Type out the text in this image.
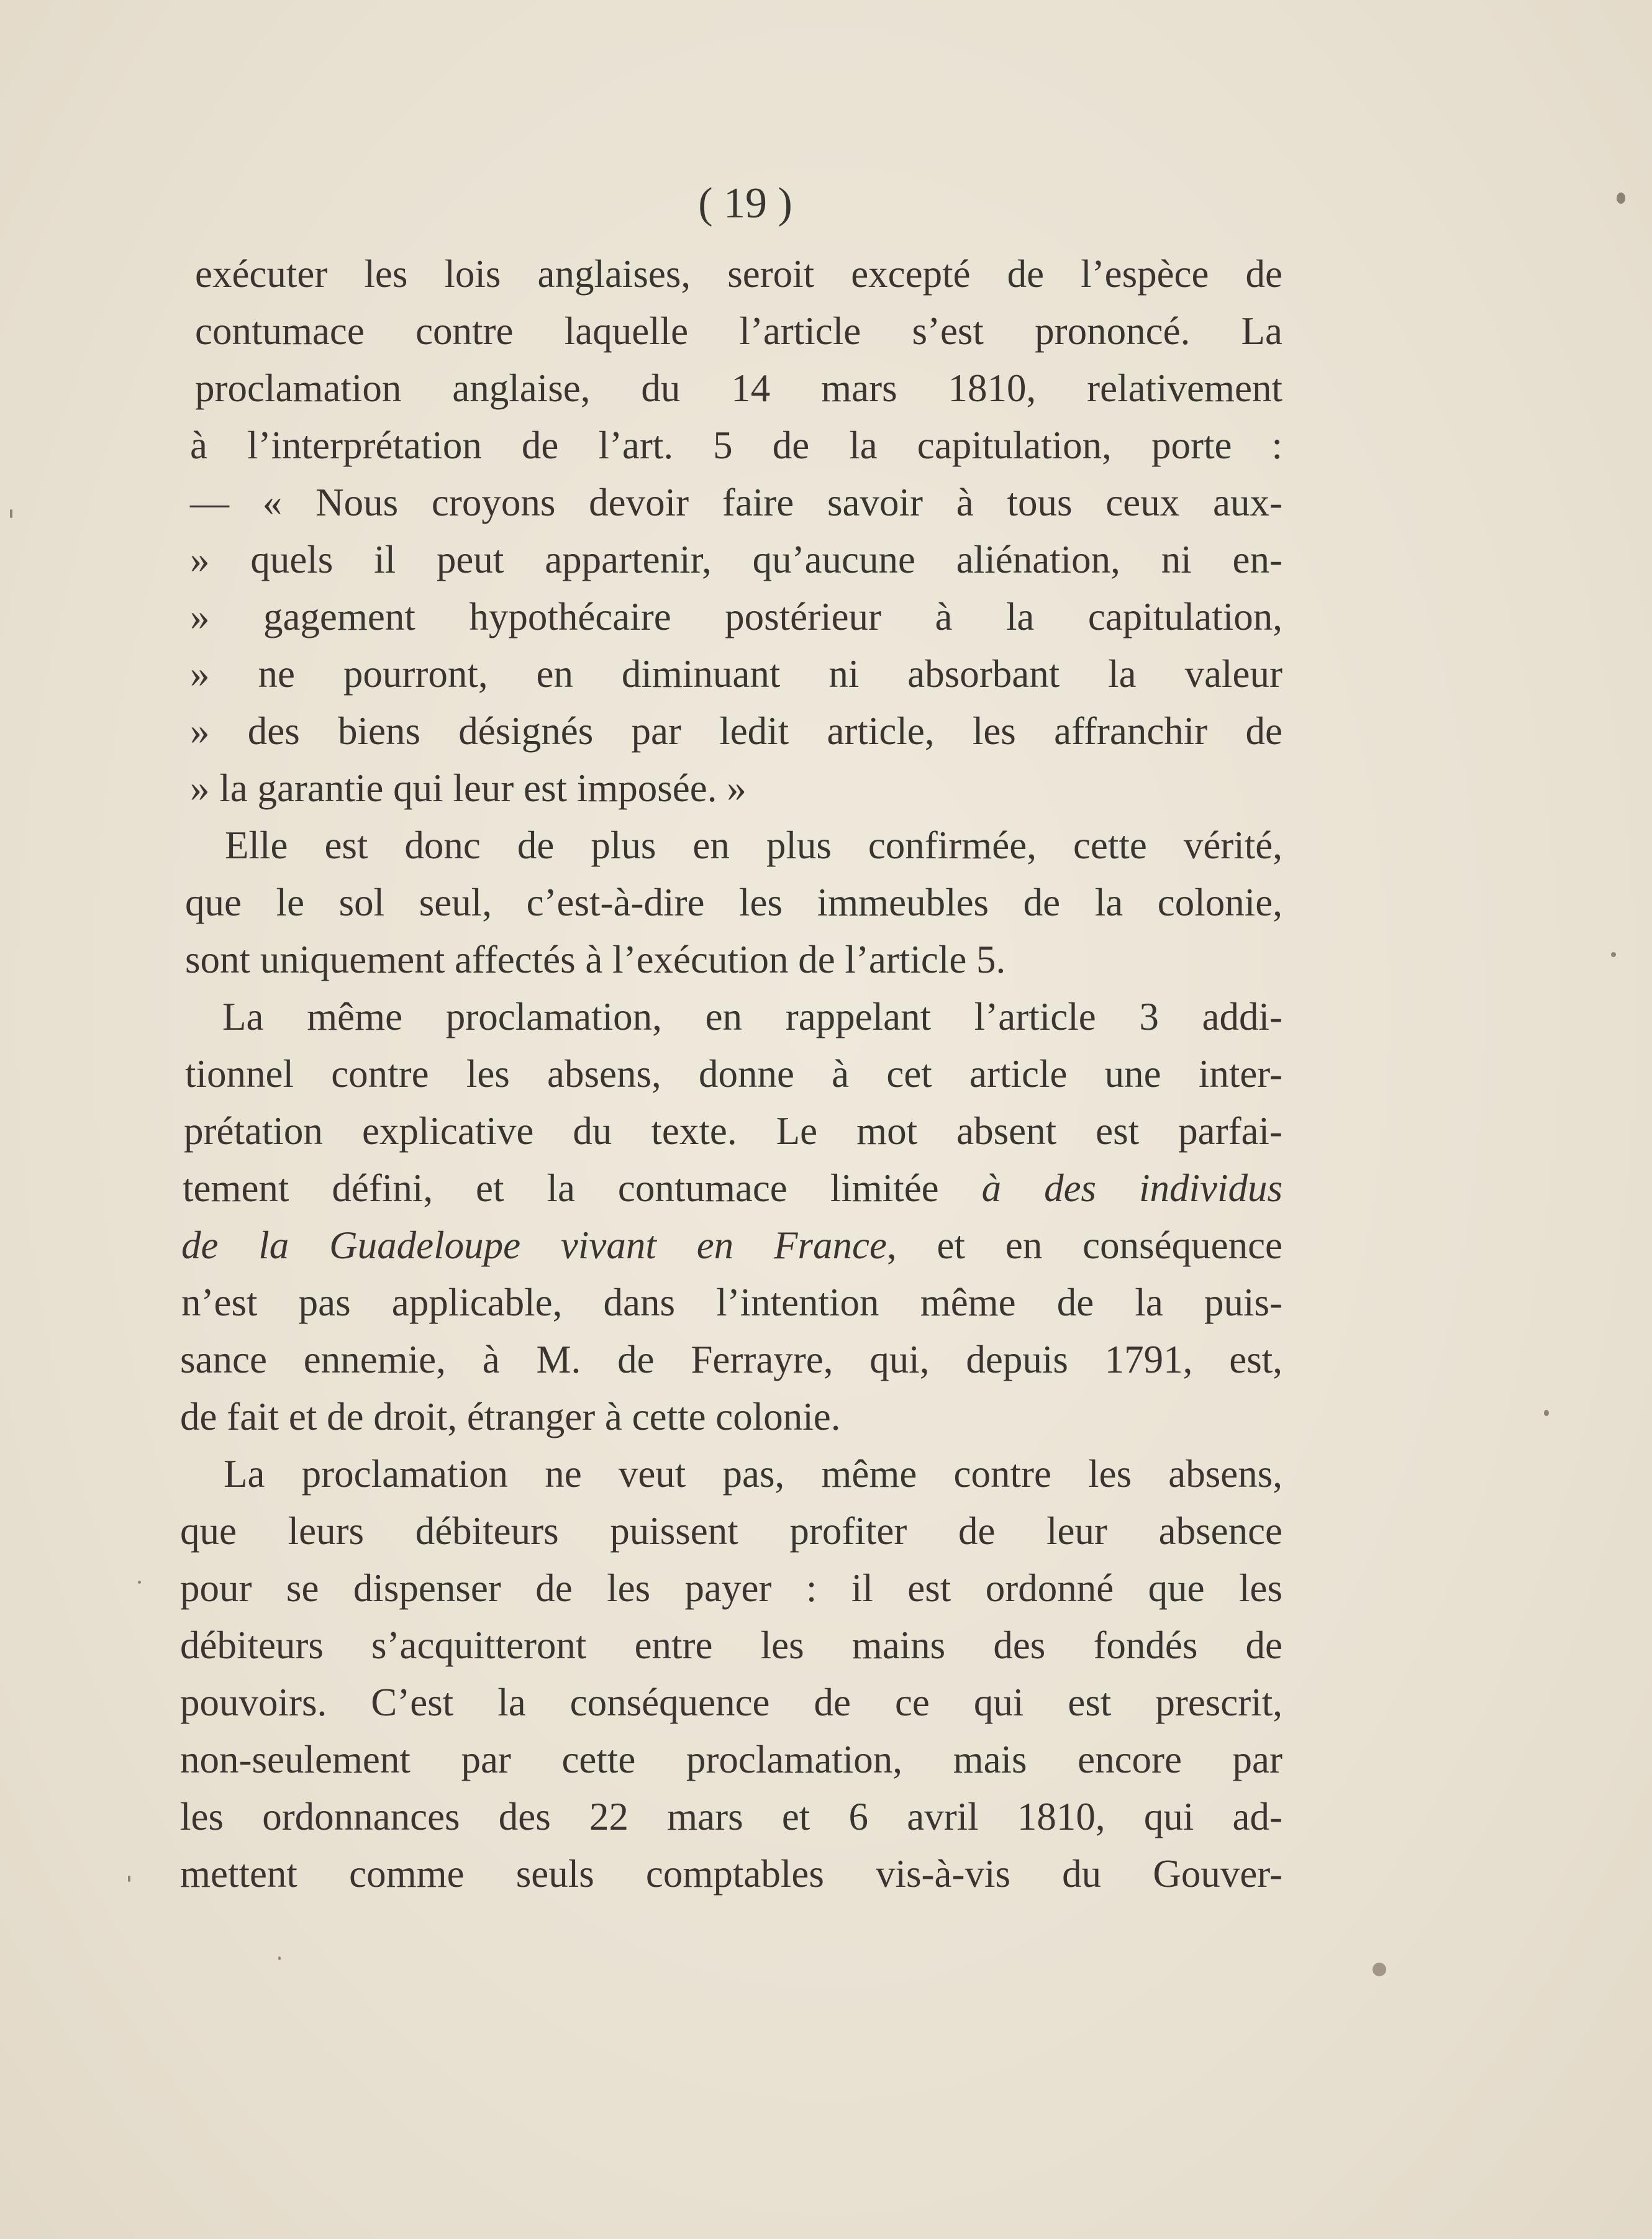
( 19 )
exécuter les lois anglaises, seroit excepté de l’espèce de
contumace contre laquelle l’article s’est prononcé. La
proclamation anglaise, du 14 mars 1810, relativement
à l’interprétation de l’art. 5 de la capitulation, porte :
— « Nous croyons devoir faire savoir à tous ceux aux-
» quels il peut appartenir, qu’aucune aliénation, ni en-
» gagement hypothécaire postérieur à la capitulation,
» ne pourront, en diminuant ni absorbant la valeur
» des biens désignés par ledit article, les affranchir de
» la garantie qui leur est imposée. »
Elle est donc de plus en plus confirmée, cette vérité,
que le sol seul, c’est-à-dire les immeubles de la colonie,
sont uniquement affectés à l’exécution de l’article 5.
La même proclamation, en rappelant l’article 3 addi-
tionnel contre les absens, donne à cet article une inter-
prétation explicative du texte. Le mot absent est parfai-
tement défini, et la contumace limitée à des individus
de la Guadeloupe vivant en France, et en conséquence
n’est pas applicable, dans l’intention même de la puis-
sance ennemie, à M. de Ferrayre, qui, depuis 1791, est,
de fait et de droit, étranger à cette colonie.
La proclamation ne veut pas, même contre les absens,
que leurs débiteurs puissent profiter de leur absence
pour se dispenser de les payer : il est ordonné que les
débiteurs s’acquitteront entre les mains des fondés de
pouvoirs. C’est la conséquence de ce qui est prescrit,
non-seulement par cette proclamation, mais encore par
les ordonnances des 22 mars et 6 avril 1810, qui ad-
mettent comme seuls comptables vis-à-vis du Gouver-
